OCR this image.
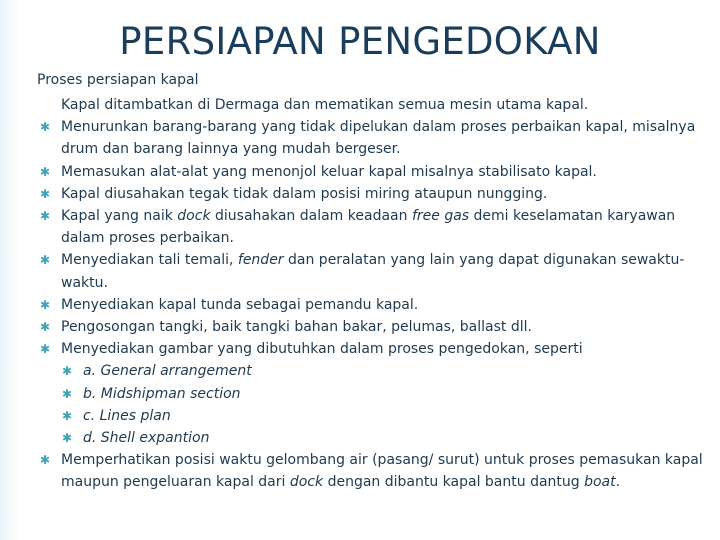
PERSIAPAN PENGEDOKAN
Proses persiapan kapal
Kapal ditambatkan di Dermaga dan mematikan semua mesin utama kapal.
✱ Menurunkan barang-barang yang tidak dipelukan dalam proses perbaikan kapal, misalnya drum dan barang lainnya yang mudah bergeser.
✱ Memasukan alat-alat yang menonjol keluar kapal misalnya stabilisato kapal.
✱ Kapal diusahakan tegak tidak dalam posisi miring ataupun nungging.
✱ Kapal yang naik dock diusahakan dalam keadaan free gas demi keselamatan karyawan dalam proses perbaikan.
✱ Menyediakan tali temali, fender dan peralatan yang lain yang dapat digunakan sewaktu-waktu.
✱ Menyediakan kapal tunda sebagai pemandu kapal.
✱ Pengosongan tangki, baik tangki bahan bakar, pelumas, ballast dll.
✱ Menyediakan gambar yang dibutuhkan dalam proses pengedokan, seperti
✱ a. General arrangement
✱ b. Midshipman section
✱ c. Lines plan
✱ d. Shell expantion
✱ Memperhatikan posisi waktu gelombang air (pasang/ surut) untuk proses pemasukan kapal maupun pengeluaran kapal dari dock dengan dibantu kapal bantu dantug boat.
